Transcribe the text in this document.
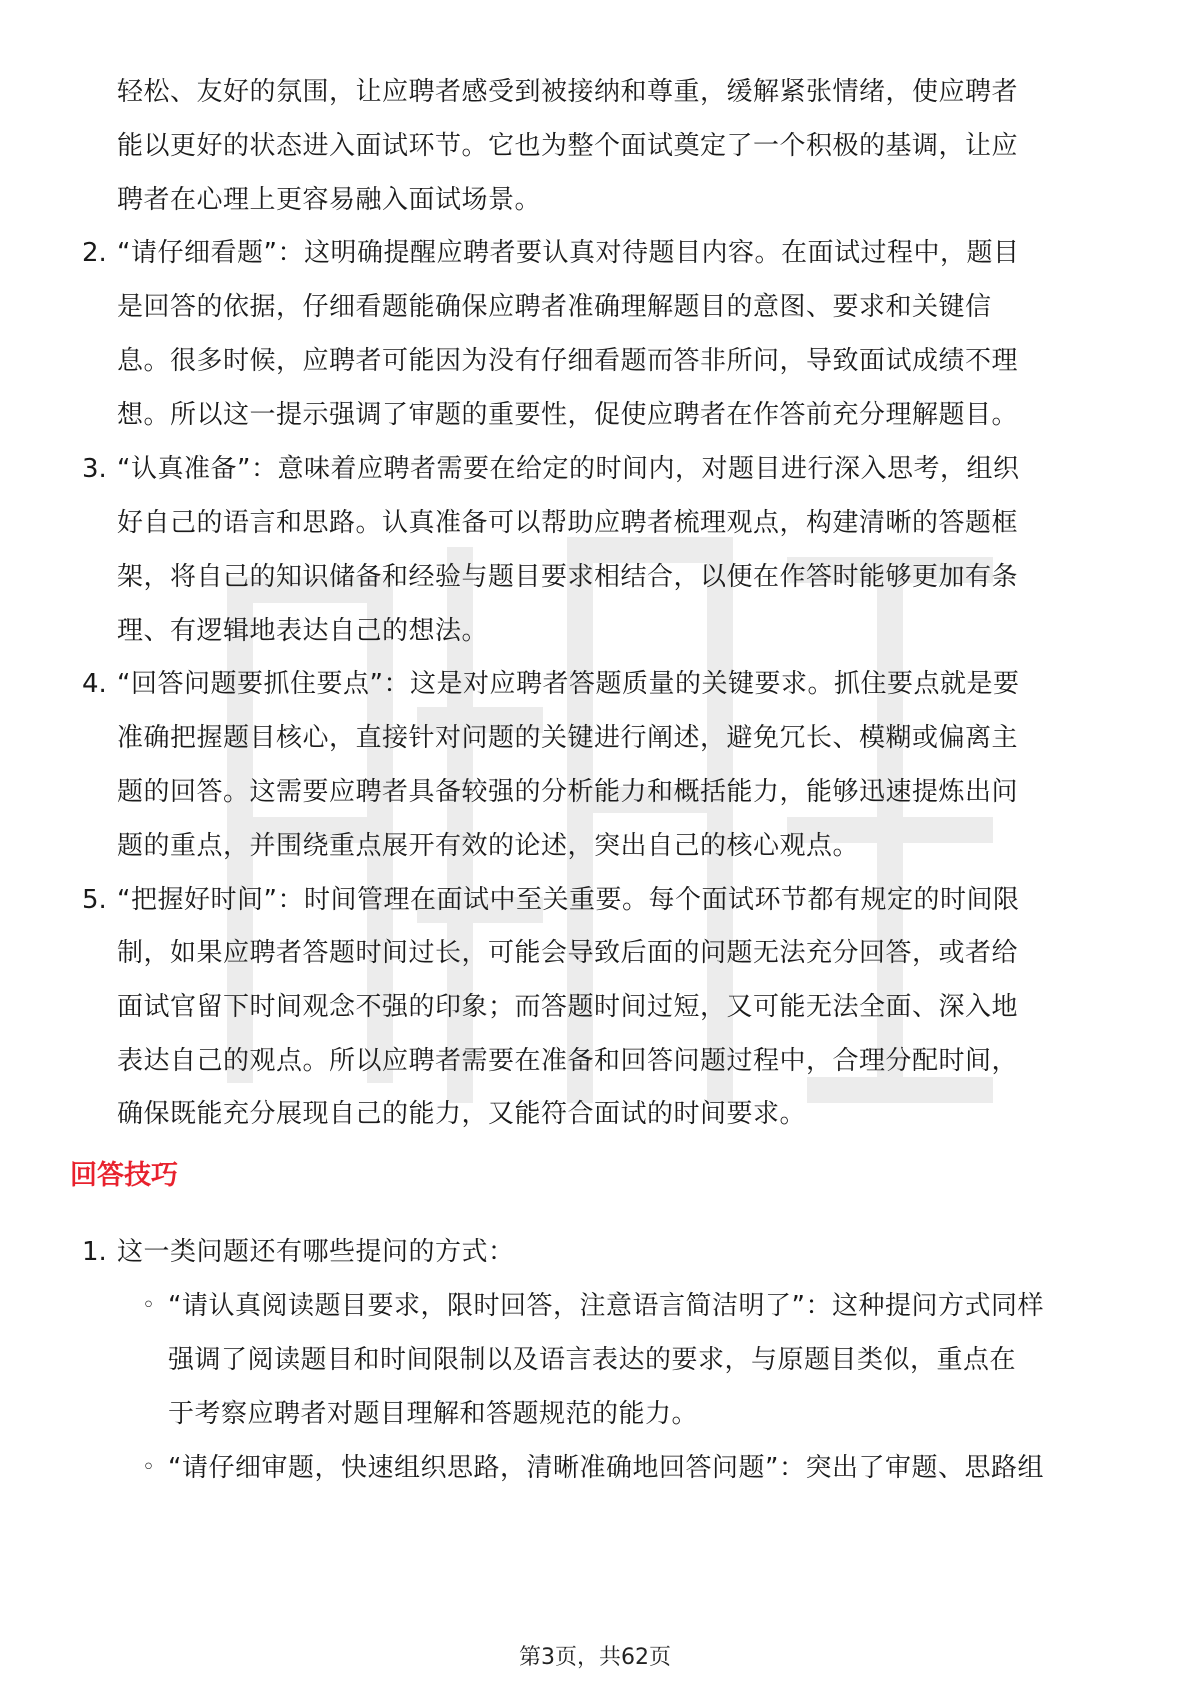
轻松、友好的氛围，让应聘者感受到被接纳和尊重，缓解紧张情绪，使应聘者
能以更好的状态进入面试环节。它也为整个面试奠定了一个积极的基调，让应
聘者在心理上更容易融入面试场景。
2. “请仔细看题”：这明确提醒应聘者要认真对待题目内容。在面试过程中，题目
是回答的依据，仔细看题能确保应聘者准确理解题目的意图、要求和关键信
息。很多时候，应聘者可能因为没有仔细看题而答非所问，导致面试成绩不理
想。所以这一提示强调了审题的重要性，促使应聘者在作答前充分理解题目。
3. “认真准备”：意味着应聘者需要在给定的时间内，对题目进行深入思考，组织
好自己的语言和思路。认真准备可以帮助应聘者梳理观点，构建清晰的答题框
架，将自己的知识储备和经验与题目要求相结合，以便在作答时能够更加有条
理、有逻辑地表达自己的想法。
4. “回答问题要抓住要点”：这是对应聘者答题质量的关键要求。抓住要点就是要
准确把握题目核心，直接针对问题的关键进行阐述，避免冗长、模糊或偏离主
题的回答。这需要应聘者具备较强的分析能力和概括能力，能够迅速提炼出问
题的重点，并围绕重点展开有效的论述，突出自己的核心观点。
5. “把握好时间”：时间管理在面试中至关重要。每个面试环节都有规定的时间限
制，如果应聘者答题时间过长，可能会导致后面的问题无法充分回答，或者给
面试官留下时间观念不强的印象；而答题时间过短，又可能无法全面、深入地
表达自己的观点。所以应聘者需要在准备和回答问题过程中，合理分配时间，
确保既能充分展现自己的能力，又能符合面试的时间要求。
回答技巧
1. 这一类问题还有哪些提问的方式：
◦ “请认真阅读题目要求，限时回答，注意语言简洁明了”：这种提问方式同样
强调了阅读题目和时间限制以及语言表达的要求，与原题目类似，重点在
于考察应聘者对题目理解和答题规范的能力。
◦ “请仔细审题，快速组织思路，清晰准确地回答问题”：突出了审题、思路组
第3页，共62页
